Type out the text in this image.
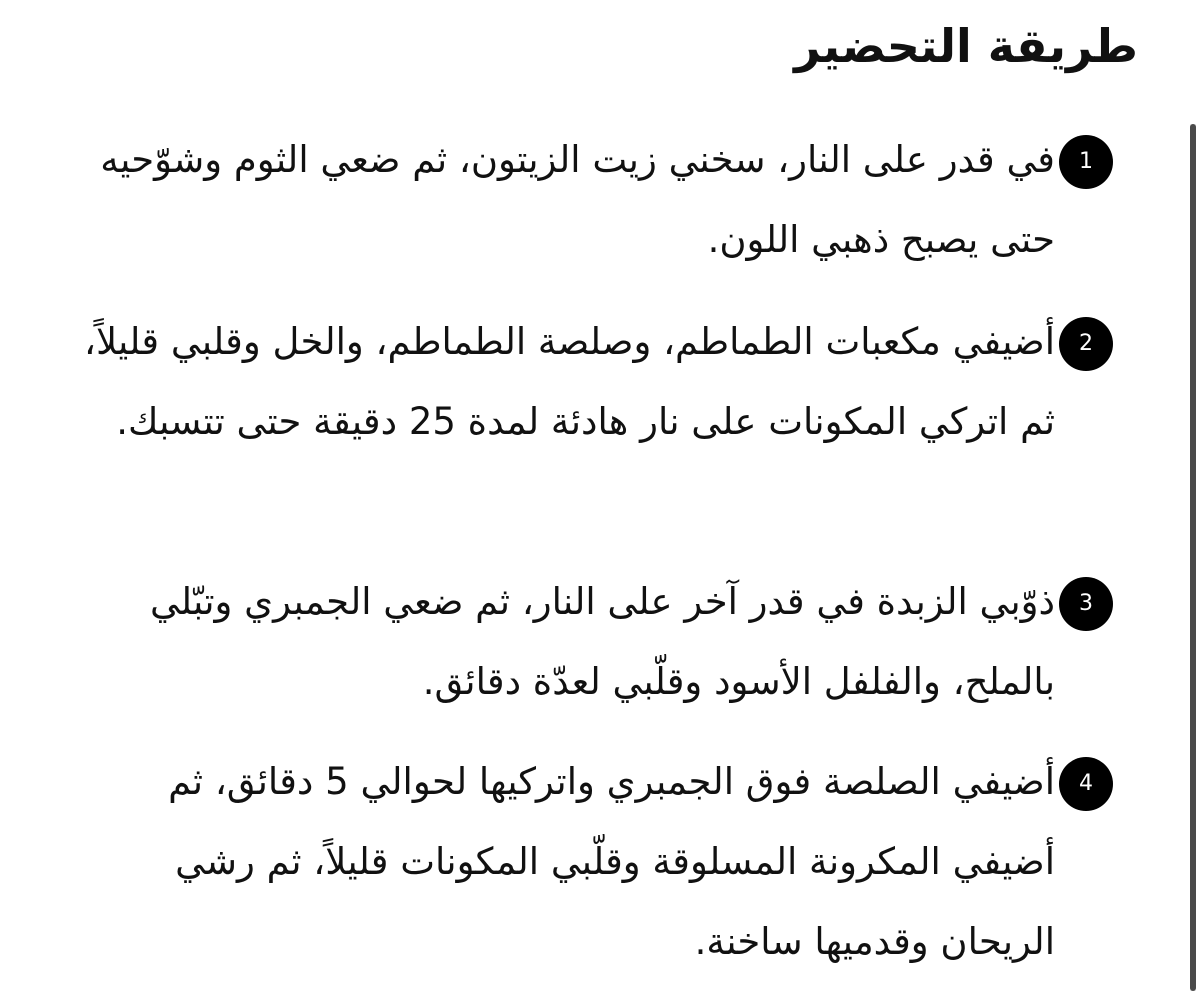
طريقة التحضير
1

في قدر على النار، سخني زيت الزيتون، ثم ضعي الثوم وشوّحيه حتى يصبح ذهبي اللون.

2

أضيفي مكعبات الطماطم، وصلصة الطماطم، والخل وقلبي قليلاً، ثم اتركي المكونات على نار هادئة لمدة 25 دقيقة حتى تتسبك.

3

ذوّبي الزبدة في قدر آخر على النار، ثم ضعي الجمبري وتبّلي بالملح، والفلفل الأسود وقلّبي لعدّة دقائق.

4

أضيفي الصلصة فوق الجمبري واتركيها لحوالي 5 دقائق، ثم أضيفي المكرونة المسلوقة وقلّبي المكونات قليلاً، ثم رشي الريحان وقدميها ساخنة.
